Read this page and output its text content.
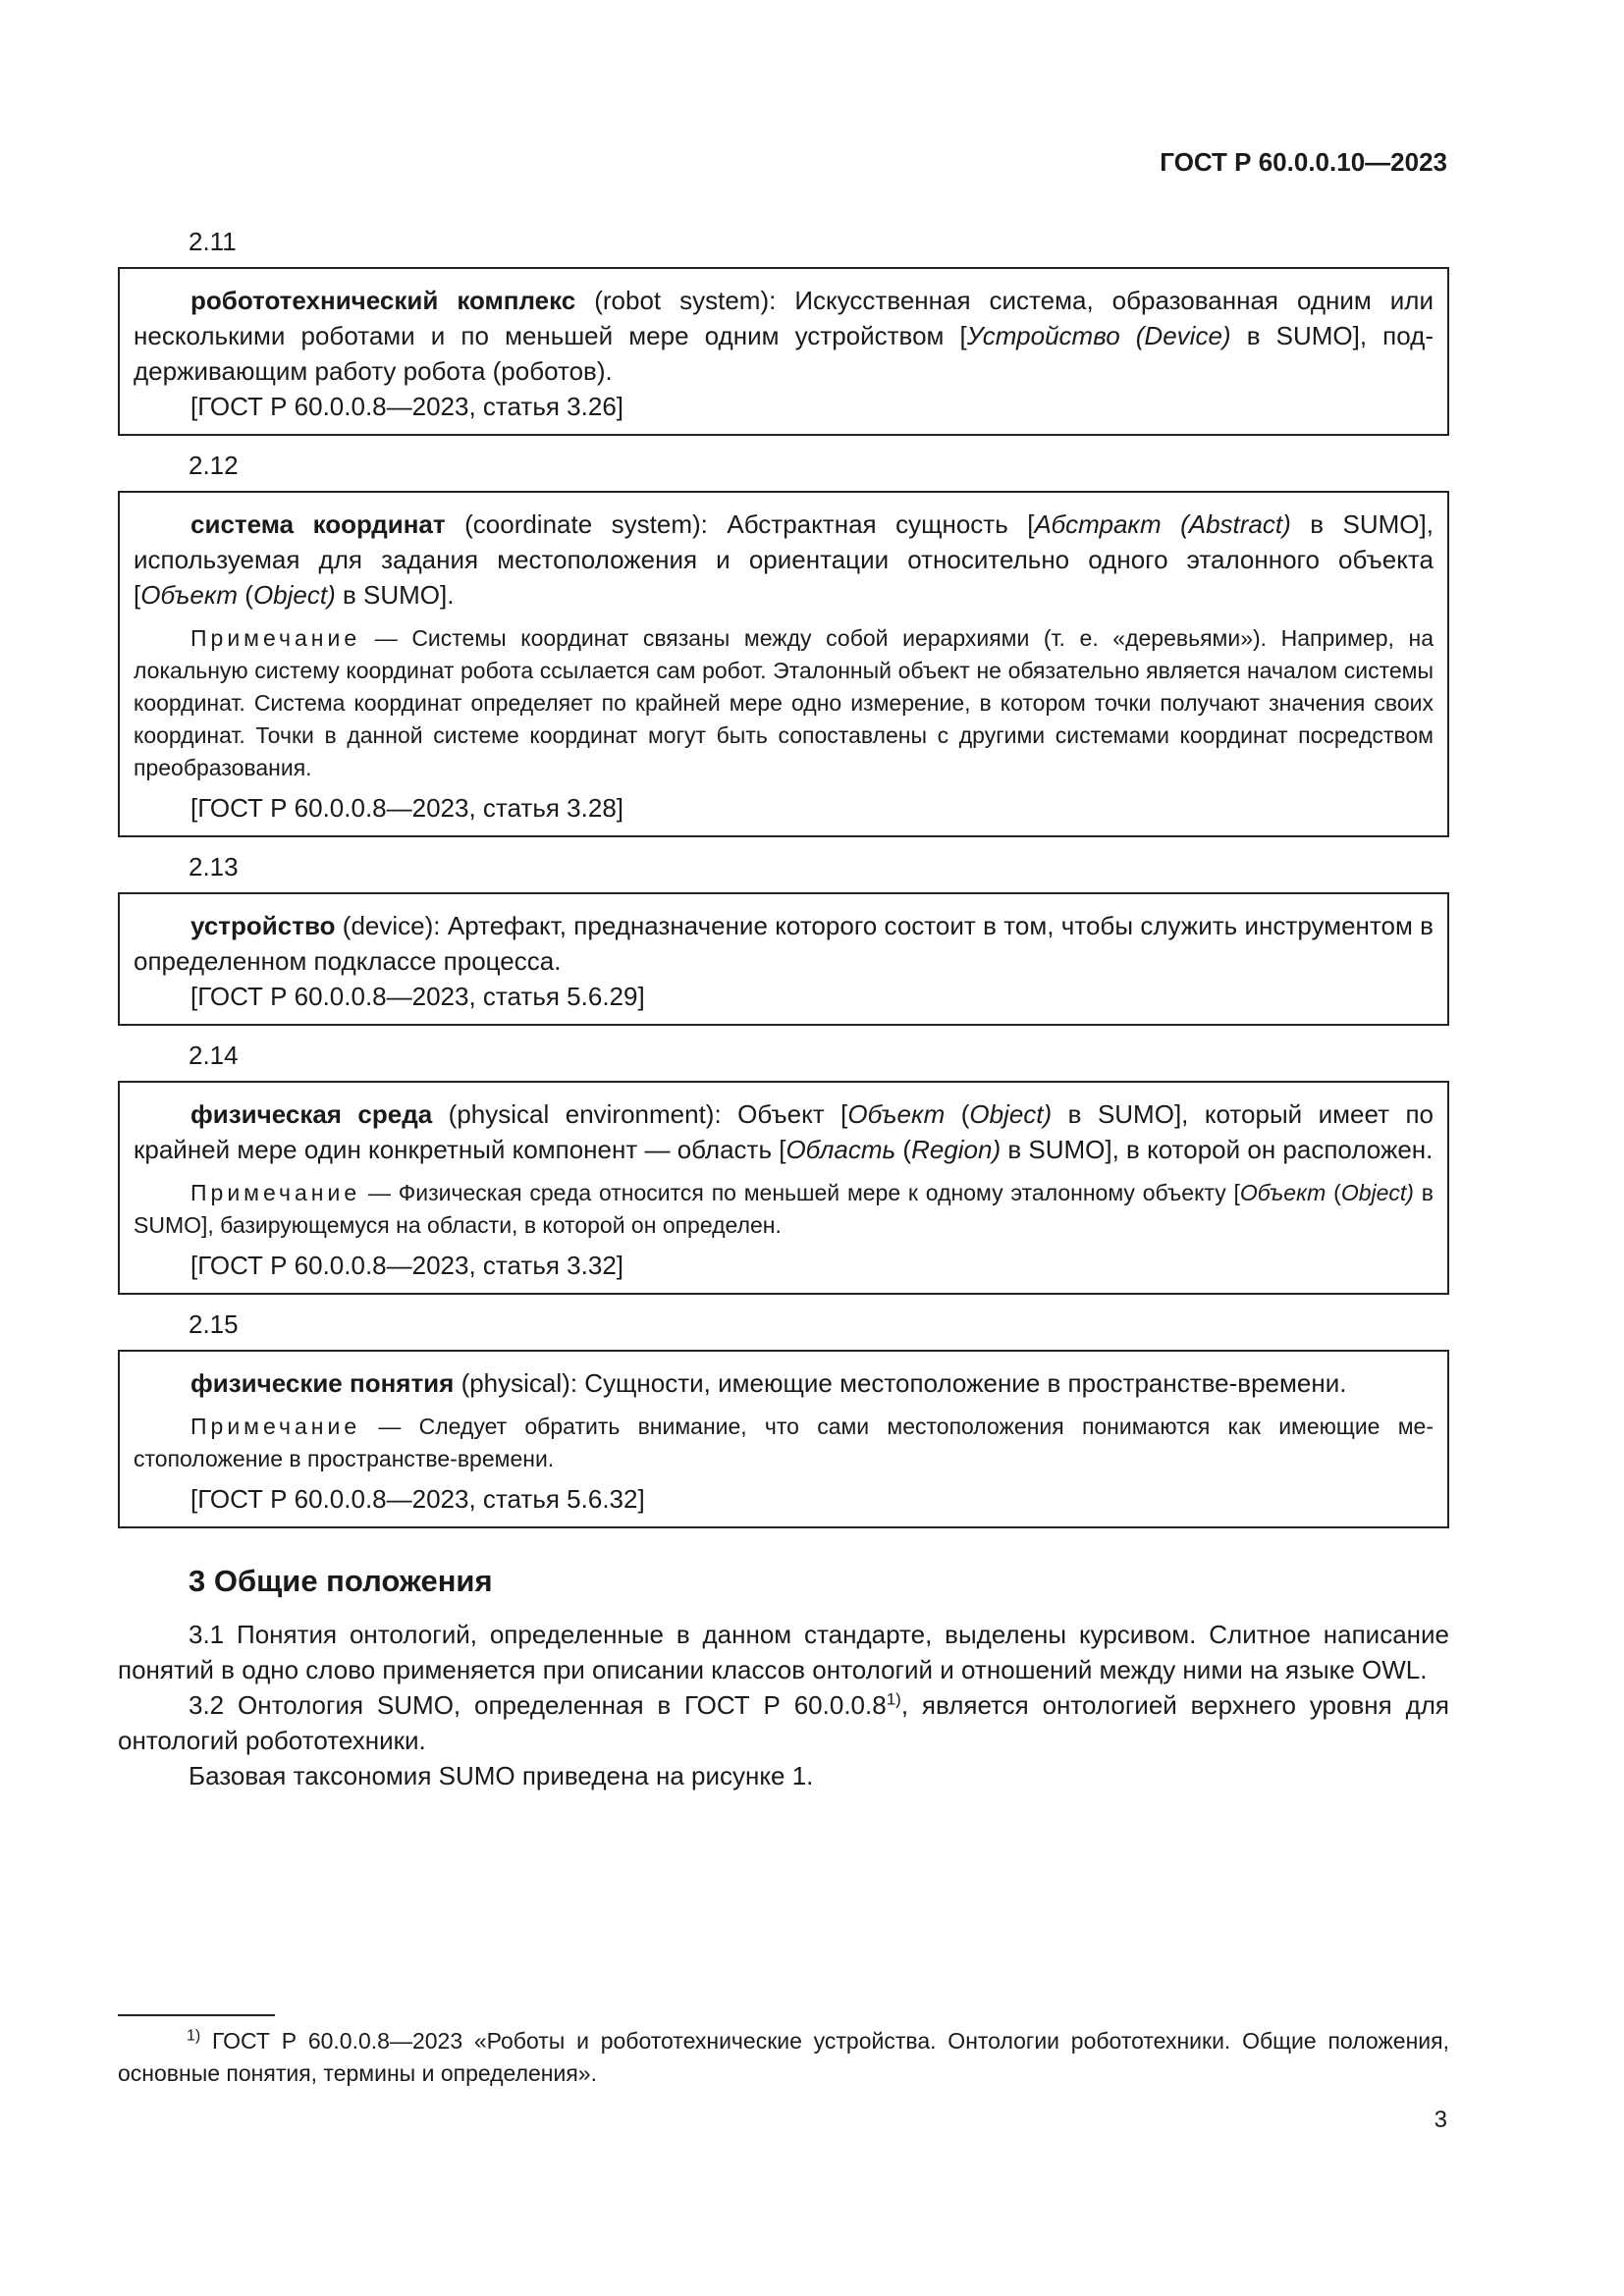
ГОСТ Р 60.0.0.10—2023
2.11

робототехнический комплекс (robot system): Искусственная система, образованная одним или несколькими роботами и по меньшей мере одним устройством [Устройство (Device) в SUMO], поддерживающим работу робота (роботов).

[ГОСТ Р 60.0.0.8—2023, статья 3.26]

2.12

система координат (coordinate system): Абстрактная сущность [Абстракт (Abstract) в SUMO], используемая для задания местоположения и ориентации относительно одного эталонного объекта [Объект (Object) в SUMO].

Примечание — Системы координат связаны между собой иерархиями (т. е. «деревьями»). Например, на локальную систему координат робота ссылается сам робот. Эталонный объект не обязательно является началом системы координат. Система координат определяет по крайней мере одно измерение, в котором точки получают значения своих координат. Точки в данной системе координат могут быть сопоставлены с другими системами координат посредством преобразования.

[ГОСТ Р 60.0.0.8—2023, статья 3.28]

2.13

устройство (device): Артефакт, предназначение которого состоит в том, чтобы служить инструментом в определенном подклассе процесса.

[ГОСТ Р 60.0.0.8—2023, статья 5.6.29]

2.14

физическая среда (physical environment): Объект [Объект (Object) в SUMO], который имеет по крайней мере один конкретный компонент — область [Область (Region) в SUMO], в которой он расположен.

Примечание — Физическая среда относится по меньшей мере к одному эталонному объекту [Объект (Object) в SUMO], базирующемуся на области, в которой он определен.

[ГОСТ Р 60.0.0.8—2023, статья 3.32]

2.15

физические понятия (physical): Сущности, имеющие местоположение в пространстве-времени.

Примечание — Следует обратить внимание, что сами местоположения понимаются как имеющие местоположение в пространстве-времени.

[ГОСТ Р 60.0.0.8—2023, статья 5.6.32]

3 Общие положения

3.1 Понятия онтологий, определенные в данном стандарте, выделены курсивом. Слитное написание понятий в одно слово применяется при описании классов онтологий и отношений между ними на языке OWL.

3.2 Онтология SUMO, определенная в ГОСТ Р 60.0.0.8$^{1)}$, является онтологией верхнего уровня для онтологий робототехники.

Базовая таксономия SUMO приведена на рисунке 1.

$^{1)}$ ГОСТ Р 60.0.0.8—2023 «Роботы и робототехнические устройства. Онтологии робототехники. Общие положения, основные понятия, термины и определения».
3
